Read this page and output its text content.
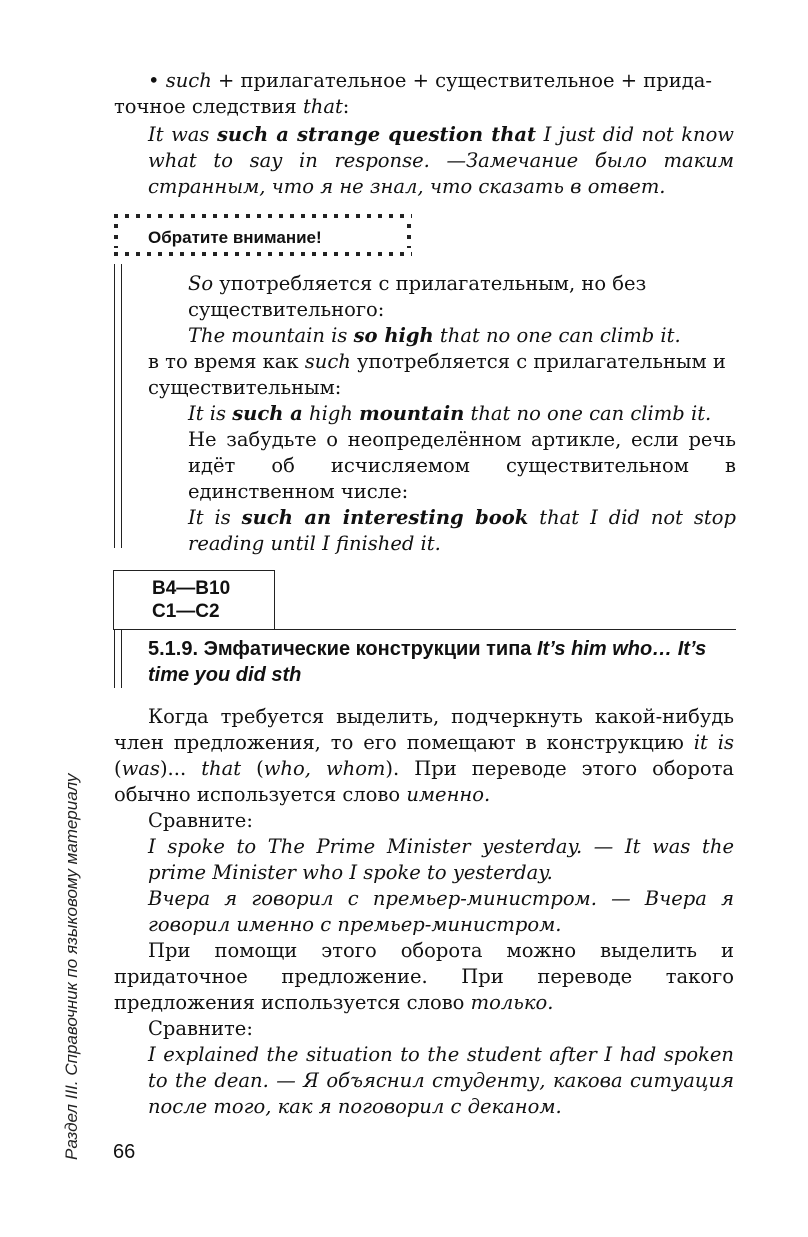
• such + прилагательное + существительное + прида-
точное следствия that:
It was such a strange question that I just did not know what to say in response. —Замечание было таким странным, что я не знал, что сказать в ответ.
Обратите внимание!

So употребляется с прилагательным, но без существительного:

The mountain is so high that no one can climb it.

в то время как such употребляется с прилагательным и существительным:

It is such a high mountain that no one can climb it.

Не забудьте о неопределённом артикле, если речь идёт об исчисляемом существительном в единственном числе:

It is such an interesting book that I did not stop reading until I finished it.

B4—B10
C1—C2
5.1.9. Эмфатические конструкции типа It’s him who… It’s time you did sth

Когда требуется выделить, подчеркнуть какой-нибудь член предложения, то его помещают в конструкцию it is (was)... that (who, whom). При переводе этого оборота обычно используется слово именно.

Сравните:

I spoke to The Prime Minister yesterday. — It was the prime Minister who I spoke to yesterday.

Вчера я говорил с премьер-министром. — Вчера я говорил именно с премьер-министром.

При помощи этого оборота можно выделить и придаточное предложение. При переводе такого предложения используется слово только.

Сравните:

I explained the situation to the student after I had spoken to the dean. — Я объяснил студенту, какова ситуация после того, как я поговорил с деканом.

Раздел III. Справочник по языковому материалу 66
